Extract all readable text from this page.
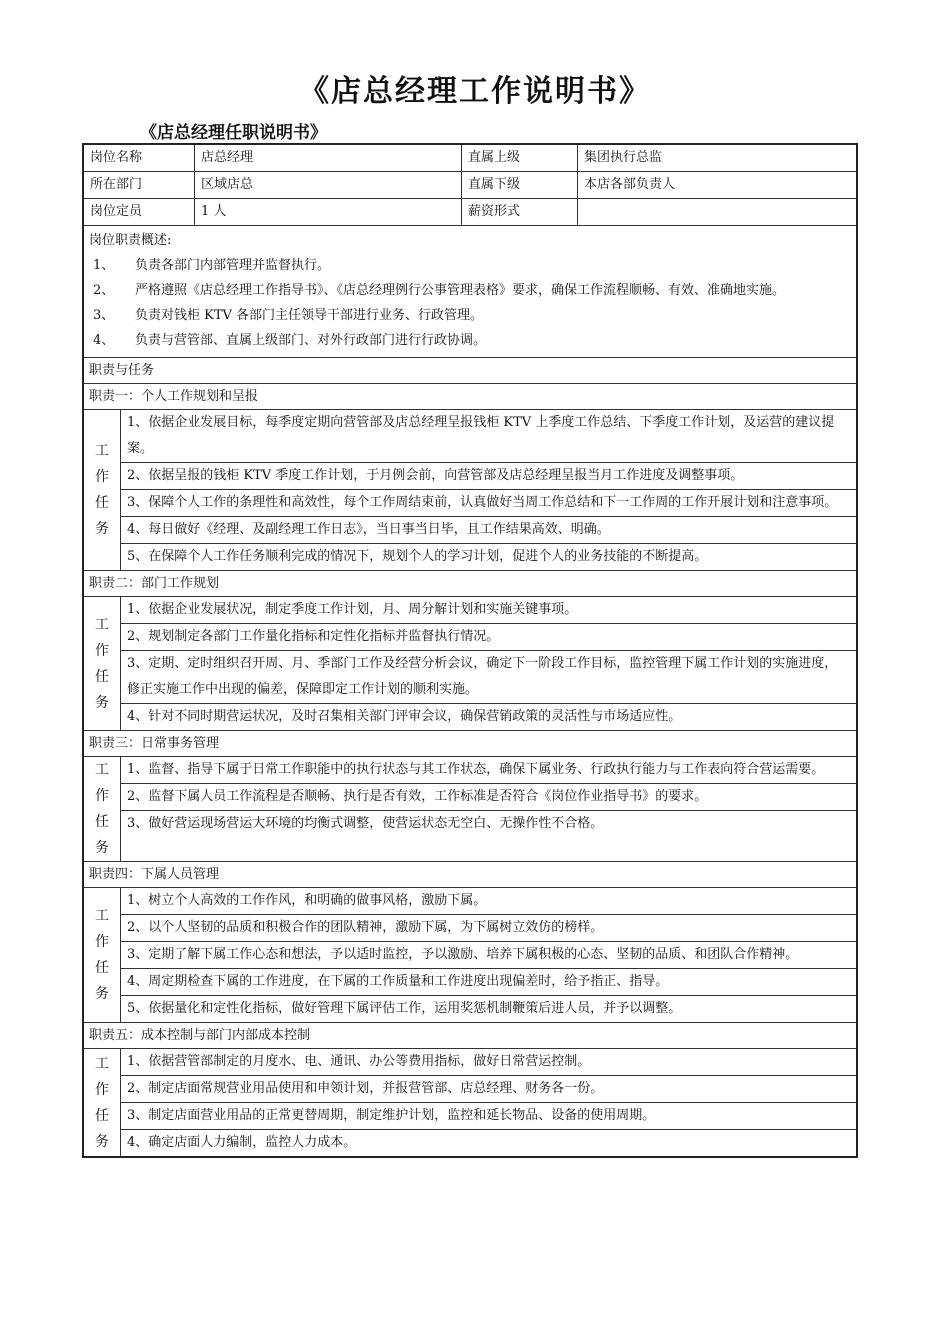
《店总经理工作说明书》
《店总经理任职说明书》
岗位名称	店总经理	直属上级	集团执行总监
所在部门	区域店总	直属下级	本店各部负责人
岗位定员	1 人	薪资形式
岗位职责概述:
1、	负责各部门内部管理并监督执行。
2、	严格遵照《店总经理工作指导书》、《店总经理例行公事管理表格》要求，确保工作流程顺畅、有效、准确地实施。
3、	负责对钱柜 KTV 各部门主任领导干部进行业务、行政管理。
4、	负责与营管部、直属上级部门、对外行政部门进行行政协调。
职责与任务
职责一：个人工作规划和呈报
工作任务
1、依据企业发展目标，每季度定期向营管部及店总经理呈报钱柜 KTV 上季度工作总结、下季度工作计划，及运营的建议提案。
2、依据呈报的钱柜 KTV 季度工作计划，于月例会前，向营管部及店总经理呈报当月工作进度及调整事项。
3、保障个人工作的条理性和高效性，每个工作周结束前，认真做好当周工作总结和下一工作周的工作开展计划和注意事项。
4、每日做好《经理、及副经理工作日志》，当日事当日毕，且工作结果高效、明确。
5、在保障个人工作任务顺利完成的情况下，规划个人的学习计划，促进个人的业务技能的不断提高。
职责二：部门工作规划
工作任务
1、依据企业发展状况，制定季度工作计划，月、周分解计划和实施关键事项。
2、规划制定各部门工作量化指标和定性化指标并监督执行情况。
3、定期、定时组织召开周、月、季部门工作及经营分析会议，确定下一阶段工作目标，监控管理下属工作计划的实施进度，修正实施工作中出现的偏差，保障即定工作计划的顺利实施。
4、针对不同时期营运状况，及时召集相关部门评审会议，确保营销政策的灵活性与市场适应性。
职责三：日常事务管理
工作任务
1、监督、指导下属于日常工作职能中的执行状态与其工作状态，确保下属业务、行政执行能力与工作表向符合营运需要。
2、监督下属人员工作流程是否顺畅、执行是否有效，工作标准是否符合《岗位作业指导书》的要求。
3、做好营运现场营运大环境的均衡式调整，使营运状态无空白、无操作性不合格。
职责四：下属人员管理
工作任务
1、树立个人高效的工作作风，和明确的做事风格，激励下属。
2、以个人坚韧的品质和积极合作的团队精神，激励下属，为下属树立效仿的榜样。
3、定期了解下属工作心态和想法，予以适时监控，予以激励、培养下属积极的心态、坚韧的品质、和团队合作精神。
4、周定期检查下属的工作进度，在下属的工作质量和工作进度出现偏差时，给予指正、指导。
5、依据量化和定性化指标，做好管理下属评估工作，运用奖惩机制鞭策后进人员，并予以调整。
职责五：成本控制与部门内部成本控制
工作任务
1、依据营管部制定的月度水、电、通讯、办公等费用指标，做好日常营运控制。
2、制定店面常规营业用品使用和申领计划，并报营管部、店总经理、财务各一份。
3、制定店面营业用品的正常更替周期，制定维护计划，监控和延长物品、设备的使用周期。
4、确定店面人力编制，监控人力成本。
